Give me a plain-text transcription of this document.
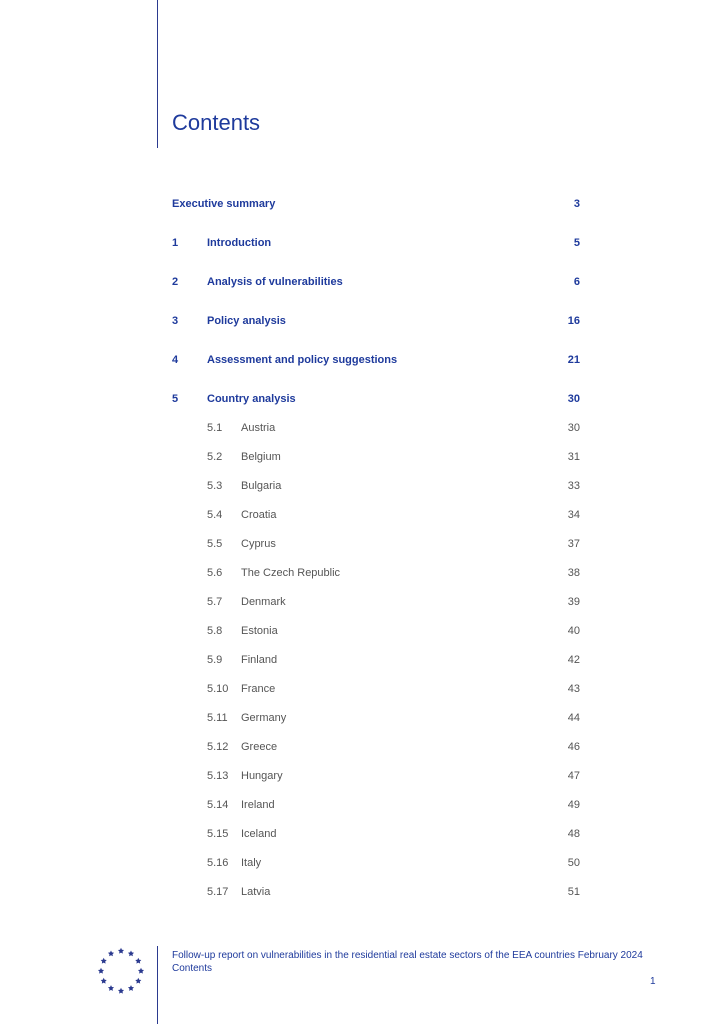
Contents
Executive summary	3
1	Introduction	5
2	Analysis of vulnerabilities	6
3	Policy analysis	16
4	Assessment and policy suggestions	21
5	Country analysis	30
5.1 Austria	30
5.2 Belgium	31
5.3 Bulgaria	33
5.4 Croatia	34
5.5 Cyprus	37
5.6 The Czech Republic	38
5.7 Denmark	39
5.8 Estonia	40
5.9 Finland	42
5.10 France	43
5.11 Germany	44
5.12 Greece	46
5.13 Hungary	47
5.14 Ireland	49
5.15 Iceland	48
5.16 Italy	50
5.17 Latvia	51
Follow-up report on vulnerabilities in the residential real estate sectors of the EEA countries February 2024
Contents
1
